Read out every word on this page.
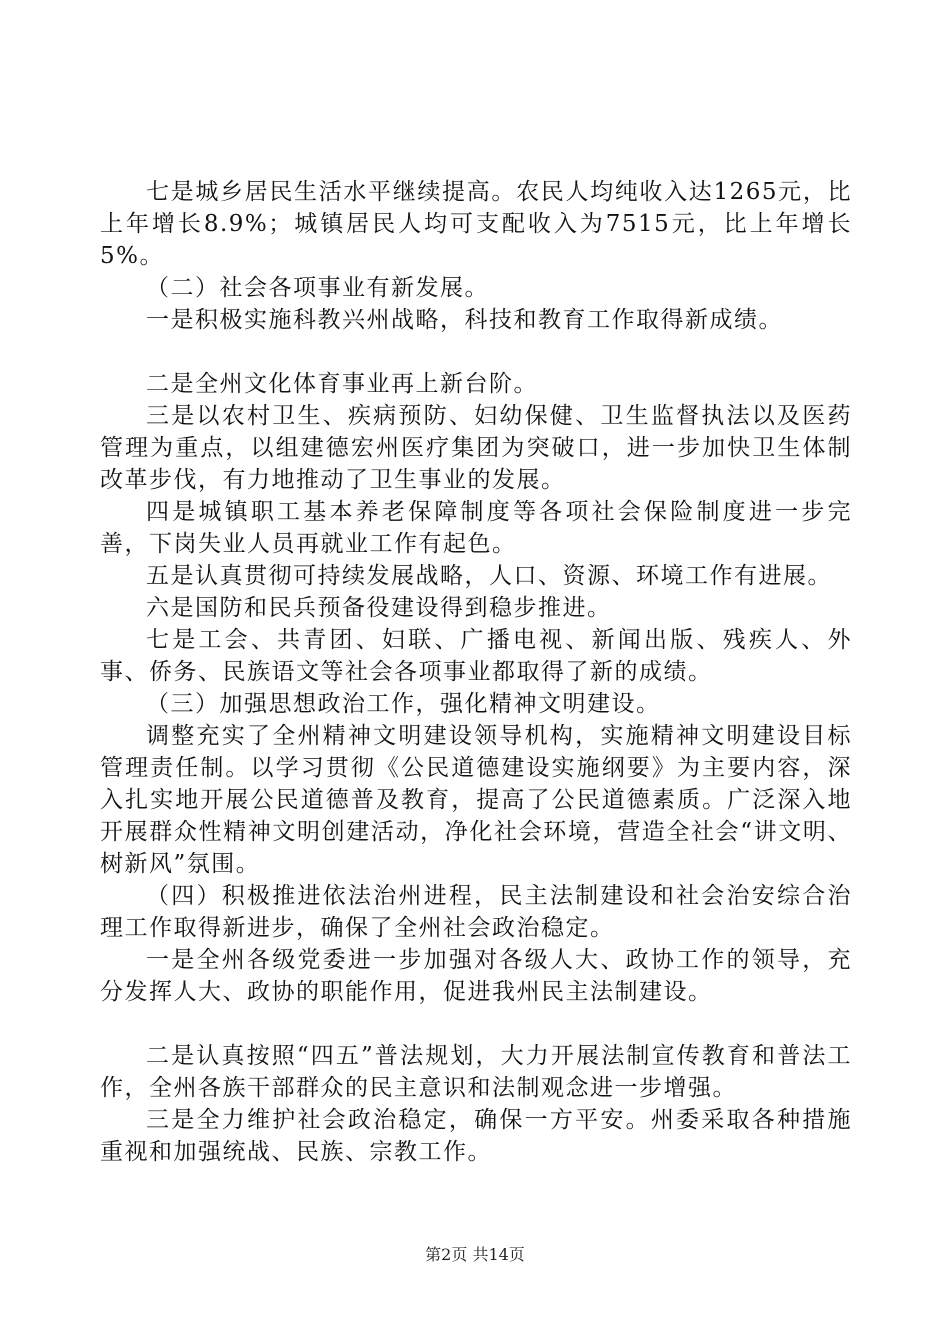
七是城乡居民生活水平继续提高。农民人均纯收入达1265元，比上年增长8.9%；城镇居民人均可支配收入为7515元，比上年增长5%。

（二）社会各项事业有新发展。

一是积极实施科教兴州战略，科技和教育工作取得新成绩。

二是全州文化体育事业再上新台阶。

三是以农村卫生、疾病预防、妇幼保健、卫生监督执法以及医药管理为重点，以组建德宏州医疗集团为突破口，进一步加快卫生体制改革步伐，有力地推动了卫生事业的发展。

四是城镇职工基本养老保障制度等各项社会保险制度进一步完善，下岗失业人员再就业工作有起色。

五是认真贯彻可持续发展战略，人口、资源、环境工作有进展。

六是国防和民兵预备役建设得到稳步推进。

七是工会、共青团、妇联、广播电视、新闻出版、残疾人、外事、侨务、民族语文等社会各项事业都取得了新的成绩。

（三）加强思想政治工作，强化精神文明建设。

调整充实了全州精神文明建设领导机构，实施精神文明建设目标管理责任制。以学习贯彻《公民道德建设实施纲要》为主要内容，深入扎实地开展公民道德普及教育，提高了公民道德素质。广泛深入地开展群众性精神文明创建活动，净化社会环境，营造全社会“讲文明、树新风”氛围。

（四）积极推进依法治州进程，民主法制建设和社会治安综合治理工作取得新进步，确保了全州社会政治稳定。

一是全州各级党委进一步加强对各级人大、政协工作的领导，充分发挥人大、政协的职能作用，促进我州民主法制建设。

二是认真按照“四五”普法规划，大力开展法制宣传教育和普法工作，全州各族干部群众的民主意识和法制观念进一步增强。

三是全力维护社会政治稳定，确保一方平安。州委采取各种措施重视和加强统战、民族、宗教工作。

第2页 共14页
